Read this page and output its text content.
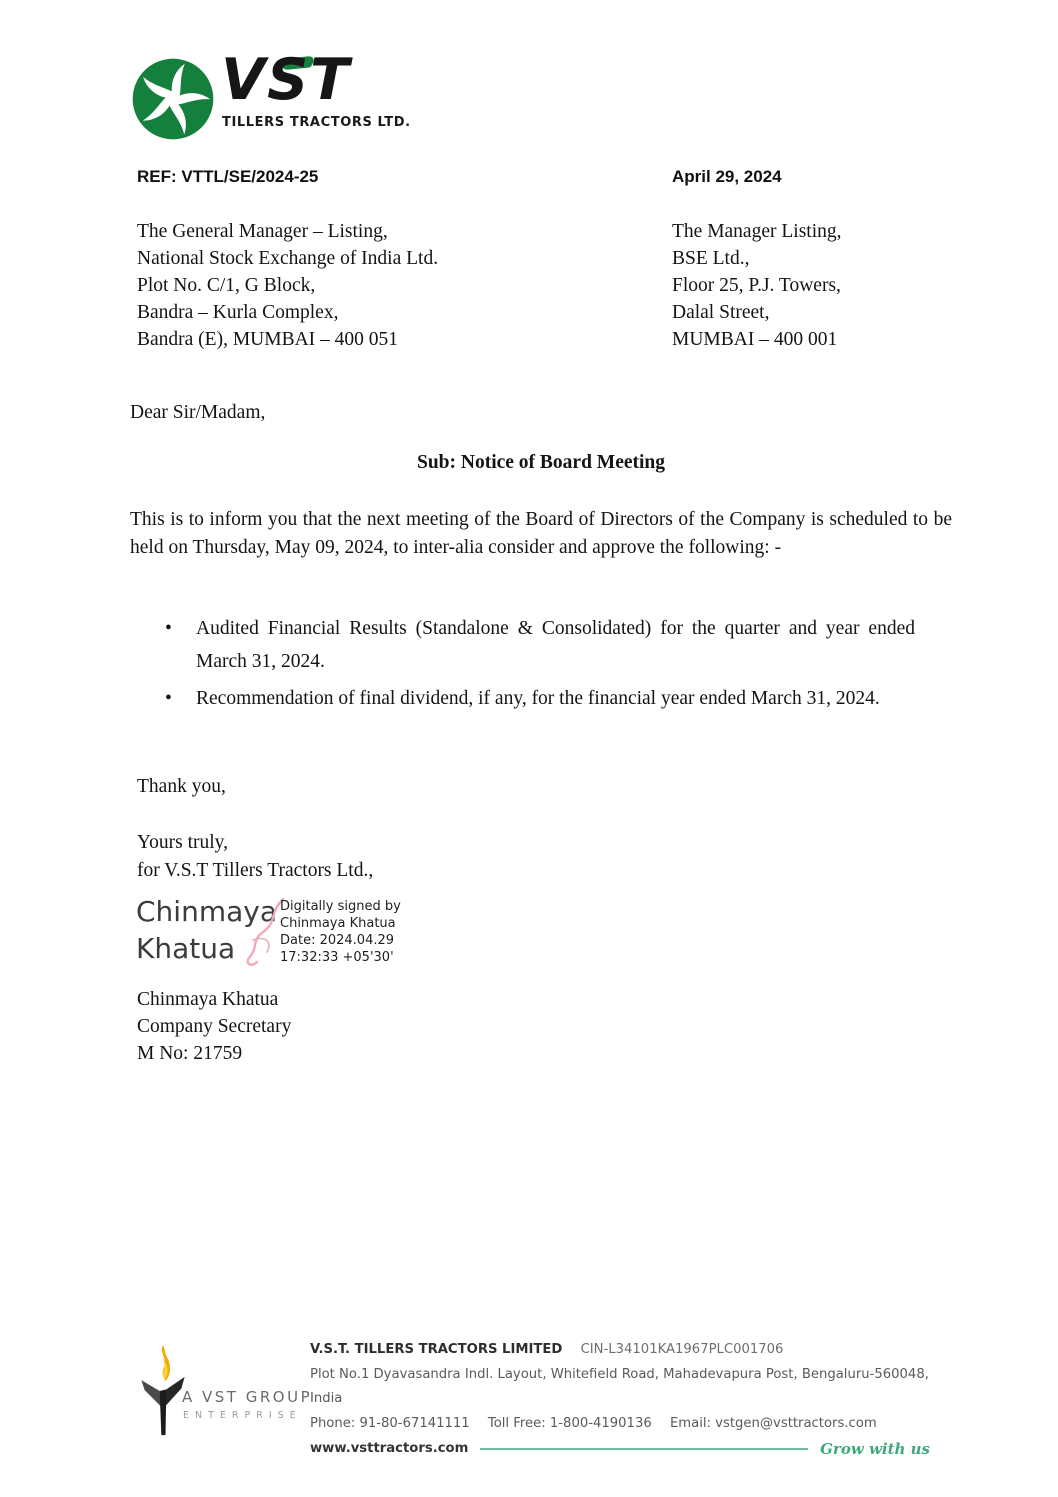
VST
TILLERS TRACTORS LTD.
REF: VTTL/SE/2024-25	April 29, 2024
The General Manager – Listing,
National Stock Exchange of India Ltd.
Plot No. C/1, G Block,
Bandra – Kurla Complex,
Bandra (E), MUMBAI – 400 051
The Manager Listing,
BSE Ltd.,
Floor 25, P.J. Towers,
Dalal Street,
MUMBAI – 400 001
Dear Sir/Madam,
Sub: Notice of Board Meeting
This is to inform you that the next meeting of the Board of Directors of the Company is scheduled to be held on Thursday, May 09, 2024, to inter-alia consider and approve the following: -
• Audited Financial Results (Standalone & Consolidated) for the quarter and year ended March 31, 2024.
• Recommendation of final dividend, if any, for the financial year ended March 31, 2024.
Thank you,
Yours truly,
for V.S.T Tillers Tractors Ltd.,
Chinmaya Khatua
Digitally signed by
Chinmaya Khatua
Date: 2024.04.29
17:32:33 +05'30'
Chinmaya Khatua
Company Secretary
M No: 21759
A VST GROUP
ENTERPRISE
V.S.T. TILLERS TRACTORS LIMITED CIN-L34101KA1967PLC001706
Plot No.1 Dyavasandra Indl. Layout, Whitefield Road, Mahadevapura Post, Bengaluru-560048, India
Phone: 91-80-67141111 Toll Free: 1-800-4190136 Email: vstgen@vsttractors.com
www.vsttractors.com	Grow with us
